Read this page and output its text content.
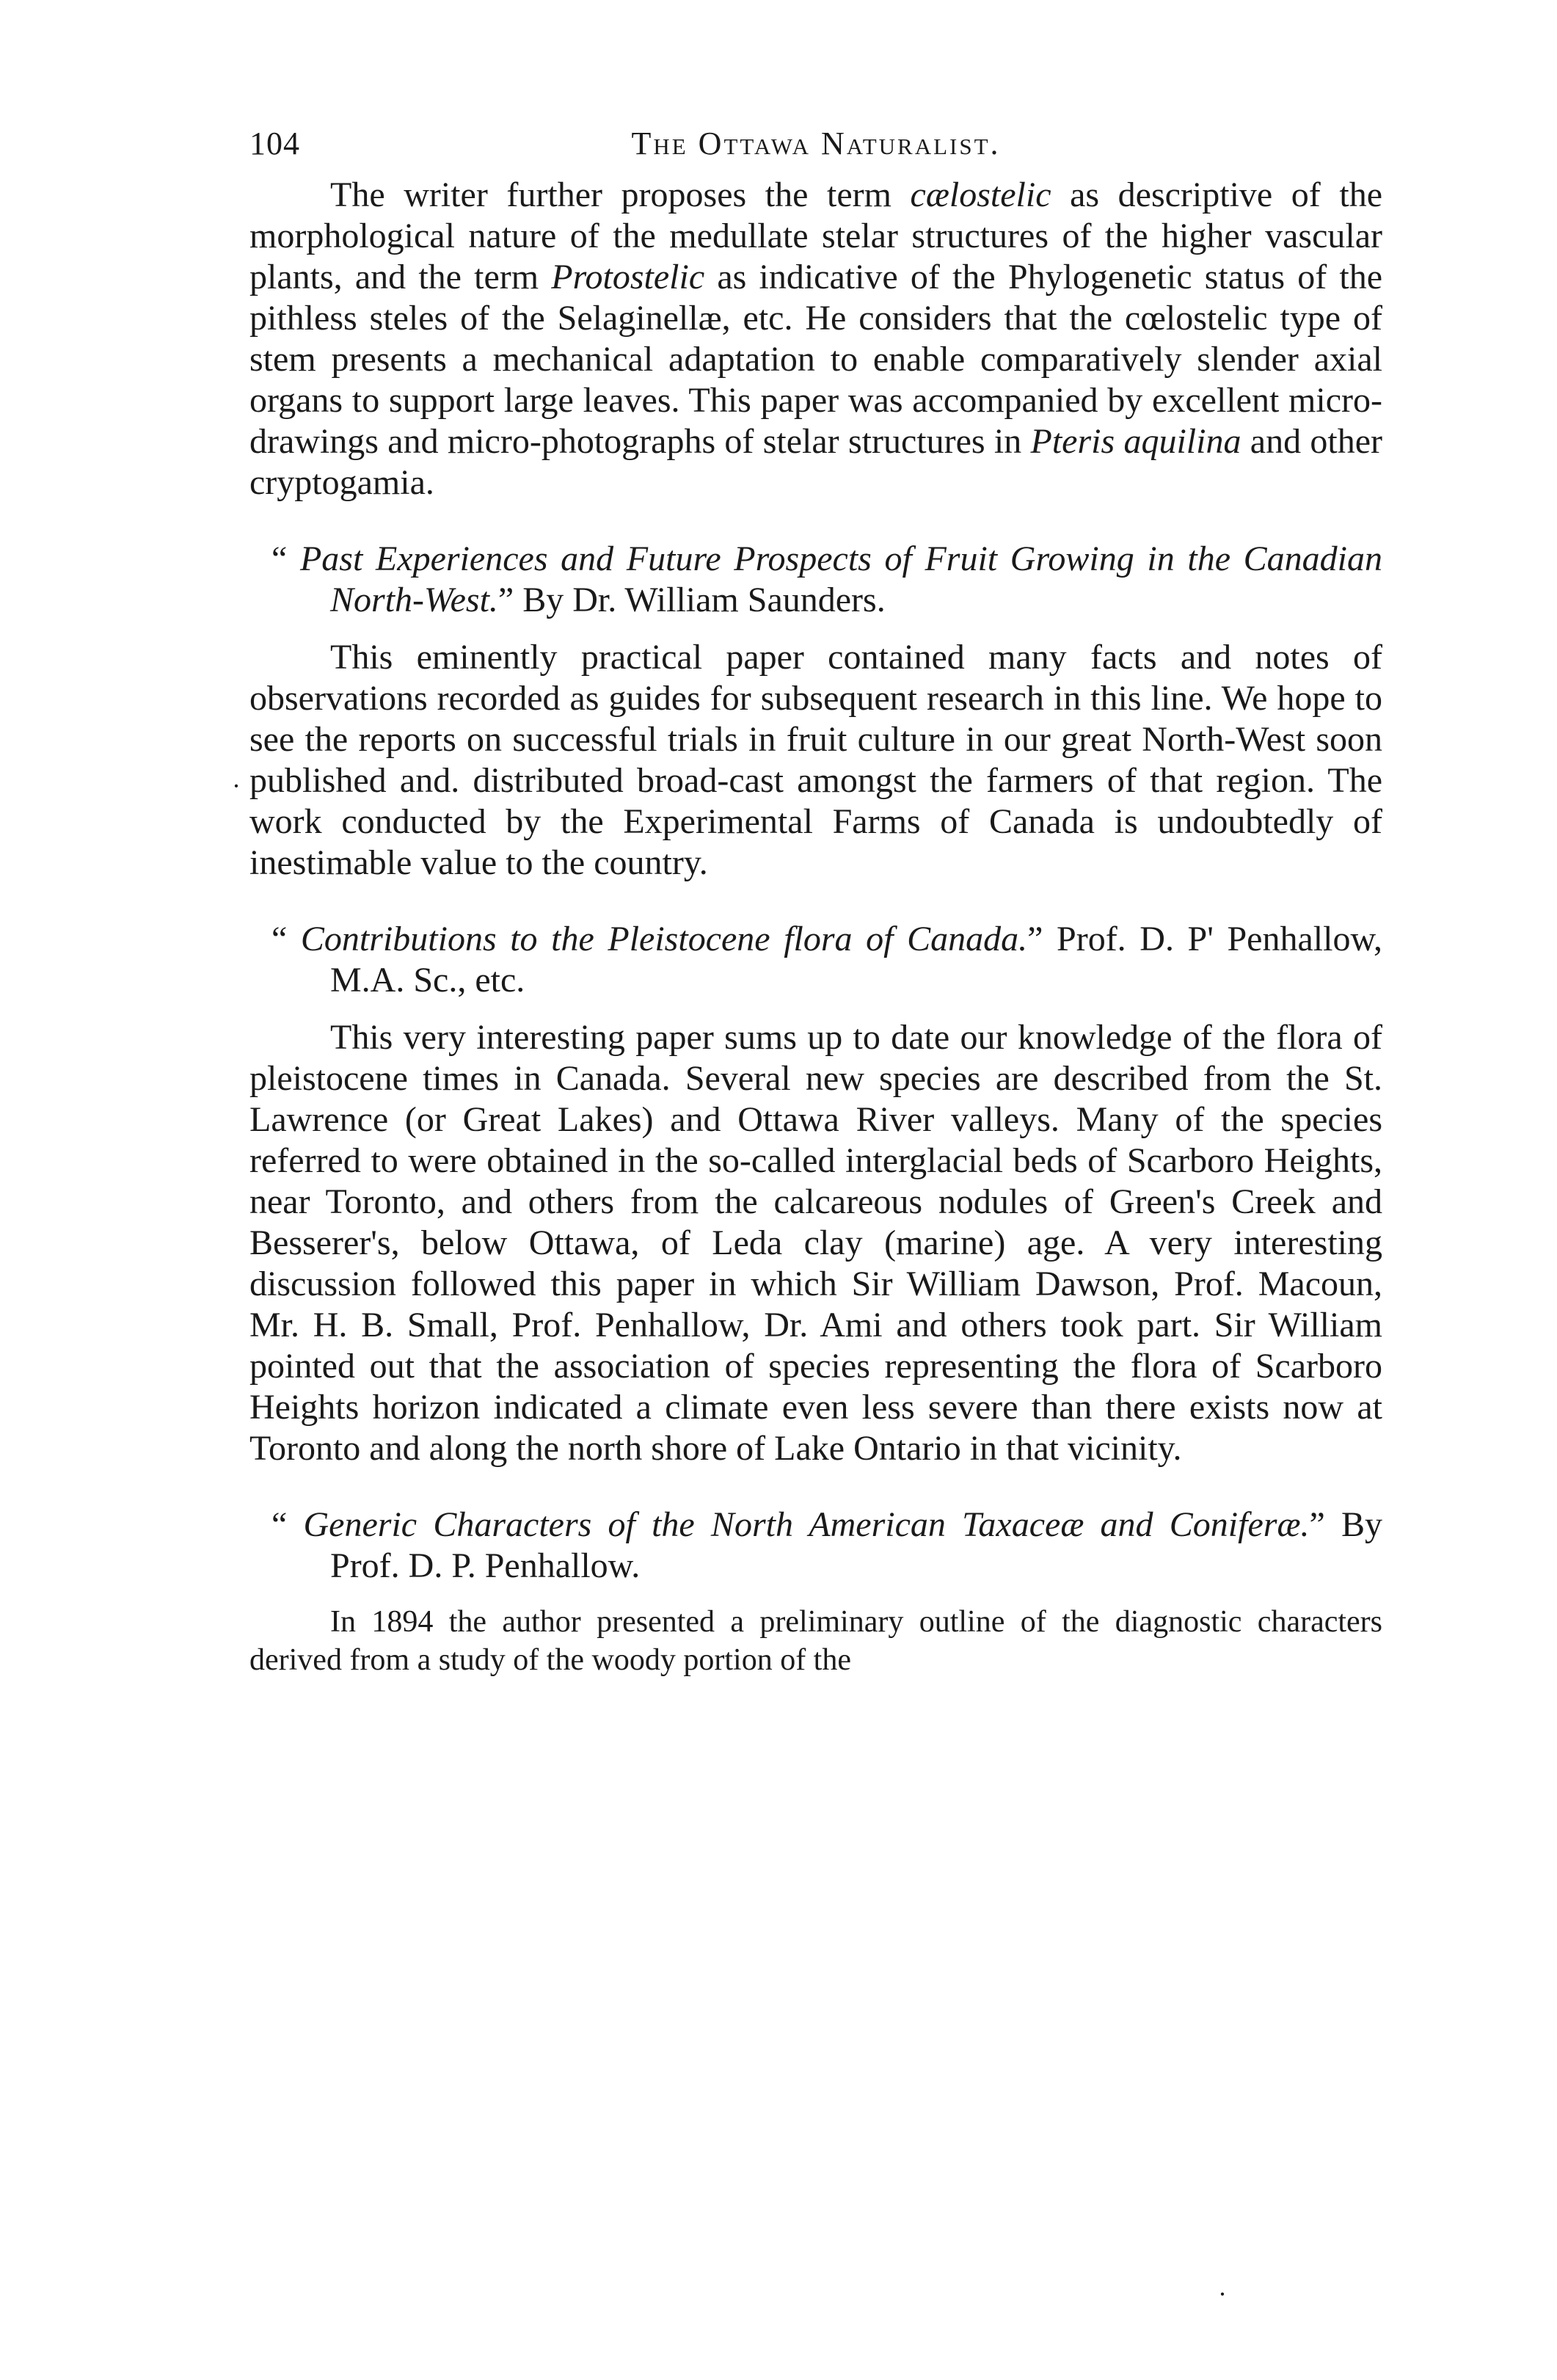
104	The Ottawa Naturalist.

The writer further proposes the term cælostelic as descriptive of the morphological nature of the medullate stelar structures of the higher vascular plants, and the term Protostelic as indicative of the Phylogenetic status of the pithless steles of the Selaginellæ, etc. He considers that the cœlostelic type of stem presents a mechanical adaptation to enable comparatively slender axial organs to support large leaves. This paper was accompanied by excellent micro-drawings and micro-photographs of stelar structures in Pteris aquilina and other cryptogamia.

“ Past Experiences and Future Prospects of Fruit Growing in the Canadian North-West.” By Dr. William Saunders.

This eminently practical paper contained many facts and notes of observations recorded as guides for subsequent research in this line. We hope to see the reports on successful trials in fruit culture in our great North-West soon published and. distributed broad-cast amongst the farmers of that region. The work conducted by the Experimental Farms of Canada is undoubtedly of inestimable value to the country.

“ Contributions to the Pleistocene flora of Canada.” Prof. D. P' Penhallow, M.A. Sc., etc.

This very interesting paper sums up to date our knowledge of the flora of pleistocene times in Canada. Several new species are described from the St. Lawrence (or Great Lakes) and Ottawa River valleys. Many of the species referred to were obtained in the so-called interglacial beds of Scarboro Heights, near Toronto, and others from the calcareous nodules of Green's Creek and Besserer's, below Ottawa, of Leda clay (marine) age. A very interesting discussion followed this paper in which Sir William Dawson, Prof. Macoun, Mr. H. B. Small, Prof. Penhallow, Dr. Ami and others took part. Sir William pointed out that the association of species representing the flora of Scarboro Heights horizon indicated a climate even less severe than there exists now at Toronto and along the north shore of Lake Ontario in that vicinity.

“ Generic Characters of the North American Taxaceæ and Coniferæ.” By Prof. D. P. Penhallow.

In 1894 the author presented a preliminary outline of the diagnostic characters derived from a study of the woody portion of the

·
·
